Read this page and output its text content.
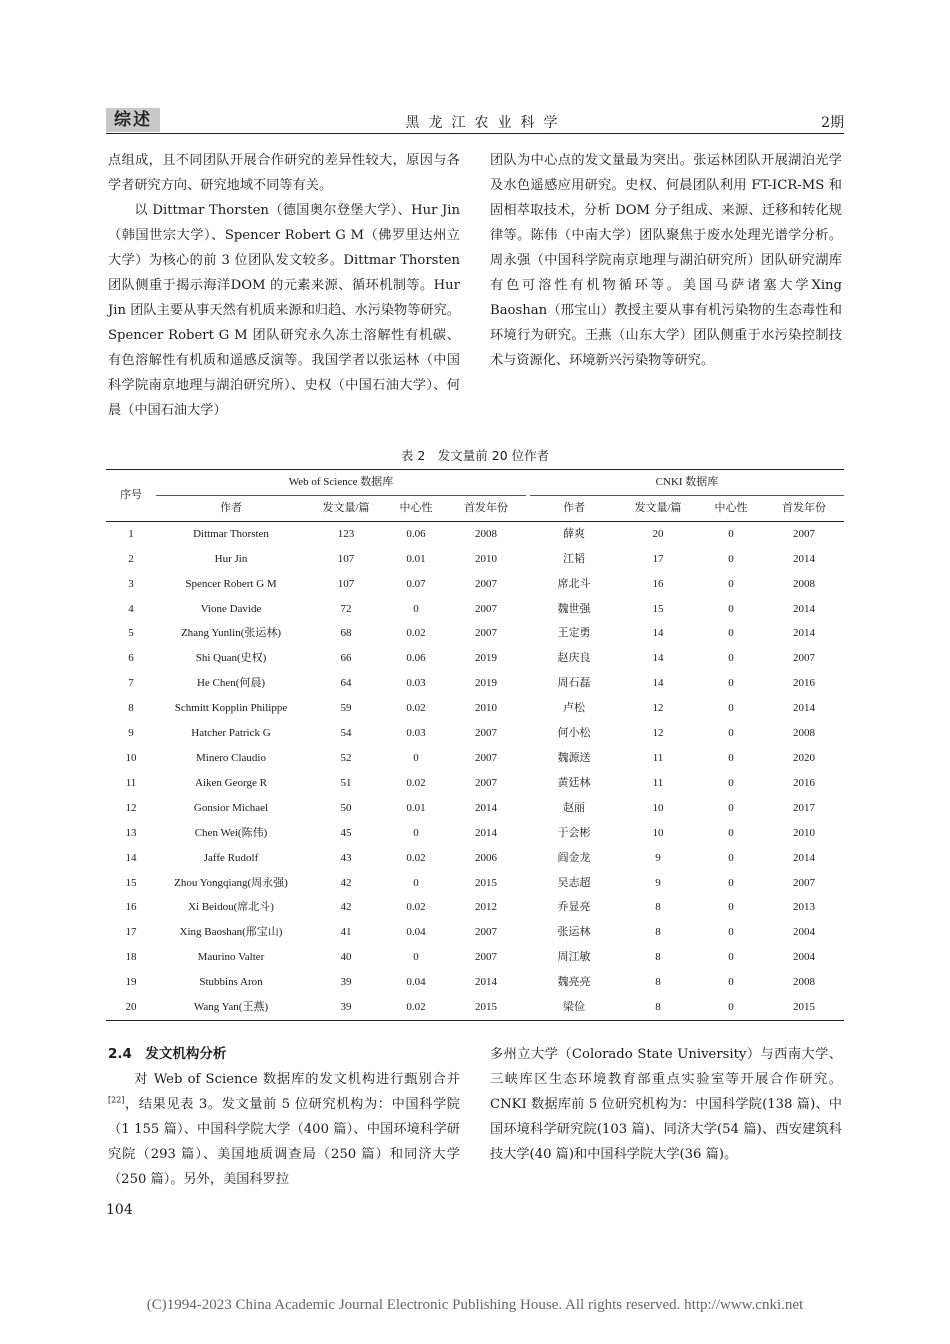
综述	黑龙江农业科学	2期

点组成，且不同团队开展合作研究的差异性较大，原因与各学者研究方向、研究地域不同等有关。

以 Dittmar Thorsten（德国奥尔登堡大学）、Hur Jin（韩国世宗大学）、Spencer Robert G M（佛罗里达州立大学）为核心的前 3 位团队发文较多。Dittmar Thorsten 团队侧重于揭示海洋DOM 的元素来源、循环机制等。Hur Jin 团队主要从事天然有机质来源和归趋、水污染物等研究。Spencer Robert G M 团队研究永久冻土溶解性有机碳、有色溶解性有机质和遥感反演等。我国学者以张运林（中国科学院南京地理与湖泊研究所）、史权（中国石油大学）、何晨（中国石油大学）

团队为中心点的发文量最为突出。张运林团队开展湖泊光学及水色遥感应用研究。史权、何晨团队利用 FT-ICR-MS 和固相萃取技术，分析 DOM 分子组成、来源、迁移和转化规律等。陈伟（中南大学）团队聚焦于废水处理光谱学分析。周永强（中国科学院南京地理与湖泊研究所）团队研究湖库有色可溶性有机物循环等。美国马萨诸塞大学Xing Baoshan（邢宝山）教授主要从事有机污染物的生态毒性和环境行为研究。王燕（山东大学）团队侧重于水污染控制技术与资源化、环境新兴污染物等研究。

表 2　发文量前 20 位作者
序号	Web of Science 数据库					CNKI 数据库			
	作者	发文量/篇	中心性	首发年份		作者	发文量/篇	中心性	首发年份
1	Dittmar Thorsten	123	0.06	2008		薛爽	20	0	2007
2	Hur Jin	107	0.01	2010		江韬	17	0	2014
3	Spencer Robert G M	107	0.07	2007		席北斗	16	0	2008
4	Vione Davide	72	0	2007		魏世强	15	0	2014
5	Zhang Yunlin(张运林)	68	0.02	2007		王定勇	14	0	2014
6	Shi Quan(史权)	66	0.06	2019		赵庆良	14	0	2007
7	He Chen(何晨)	64	0.03	2019		周石磊	14	0	2016
8	Schmitt Kopplin Philippe	59	0.02	2010		卢松	12	0	2014
9	Hatcher Patrick G	54	0.03	2007		何小松	12	0	2008
10	Minero Claudio	52	0	2007		魏源送	11	0	2020
11	Aiken George R	51	0.02	2007		黄廷林	11	0	2016
12	Gonsior Michael	50	0.01	2014		赵丽	10	0	2017
13	Chen Wei(陈伟)	45	0	2014		于会彬	10	0	2010
14	Jaffe Rudolf	43	0.02	2006		阎金龙	9	0	2014
15	Zhou Yongqiang(周永强)	42	0	2015		吴志超	9	0	2007
16	Xi Beidou(席北斗)	42	0.02	2012		乔显亮	8	0	2013
17	Xing Baoshan(邢宝山)	41	0.04	2007		张运林	8	0	2004
18	Maurino Valter	40	0	2007		周江敏	8	0	2004
19	Stubbins Aron	39	0.04	2014		魏亮亮	8	0	2008
20	Wang Yan(王燕)	39	0.02	2015		梁俭	8	0	2015

2.4　发文机构分析

对 Web of Science 数据库的发文机构进行甄别合并[22]，结果见表 3。发文量前 5 位研究机构为：中国科学院（1 155 篇）、中国科学院大学（400 篇）、中国环境科学研究院（293 篇）、美国地质调查局（250 篇）和同济大学（250 篇）。另外，美国科罗拉

多州立大学（Colorado State University）与西南大学、三峡库区生态环境教育部重点实验室等开展合作研究。CNKI 数据库前 5 位研究机构为：中国科学院(138 篇)、中国环境科学研究院(103 篇)、同济大学(54 篇)、西安建筑科技大学(40 篇)和中国科学院大学(36 篇)。

104
(C)1994-2023 China Academic Journal Electronic Publishing House. All rights reserved. http://www.cnki.net
